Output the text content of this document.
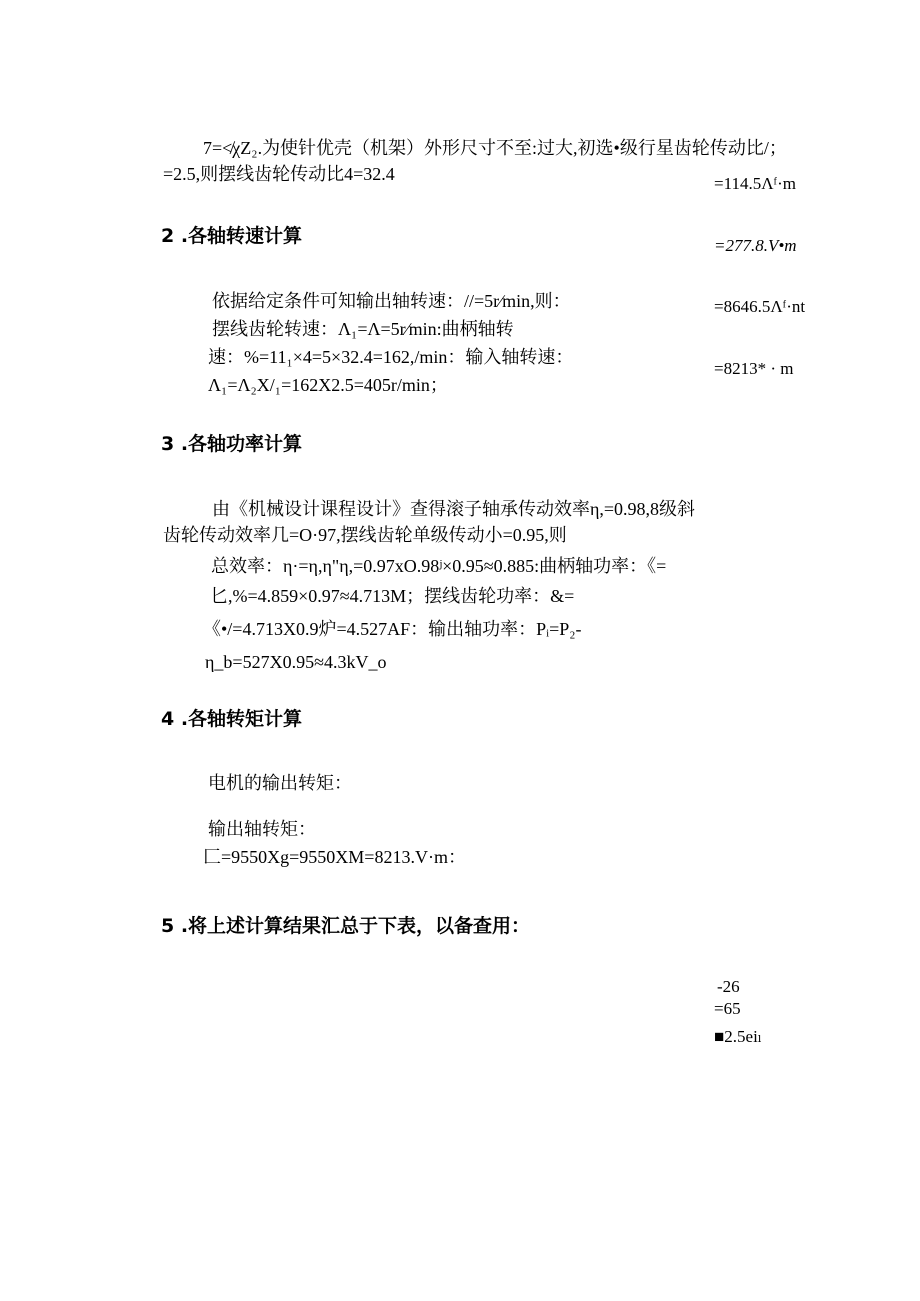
7=≮χZ₂.为使针优壳（机架）外形尺寸不至:过大,初选•级行星齿轮传动比/；
=2.5,则摆线齿轮传动比4=32.4
2 .各轴转速计算
依据给定条件可知输出轴转速：//=5r∕min,则：
摆线齿轮转速：Λ₁=Λ=5r∕min:曲柄轴转
速：%=11₁×4=5×32.4=162,/min：输入轴转速：
Λ₁=Λ₂X/₁=162X2.5=405r/min；
3 .各轴功率计算
由《机械设计课程设计》查得滚子轴承传动效率η,=0.98,8级斜
齿轮传动效率几=O·97,摆线齿轮单级传动小=0.95,则
总效率：η·=η,η"η,=0.97xO.98ʲ×0.95≈0.885:曲柄轴功率：《=
匕,%=4.859×0.97≈4.713M；摆线齿轮功率：&=
《•/=4.713X0.9炉=4.527AF：输出轴功率：Pᵢ=P₂-
η_b=527X0.95≈4.3kV_o
4 .各轴转矩计算
电机的输出转矩：
输出轴转矩：
匚=9550Xg=9550XM=8213.V·m：
5 .将上述计算结果汇总于下表，以备查用：
=114.5Λᶠ·m
=277.8.V•m
=8646.5Λᶠ·nt
=8213* · m
-26
=65
■2.5eiₗ
